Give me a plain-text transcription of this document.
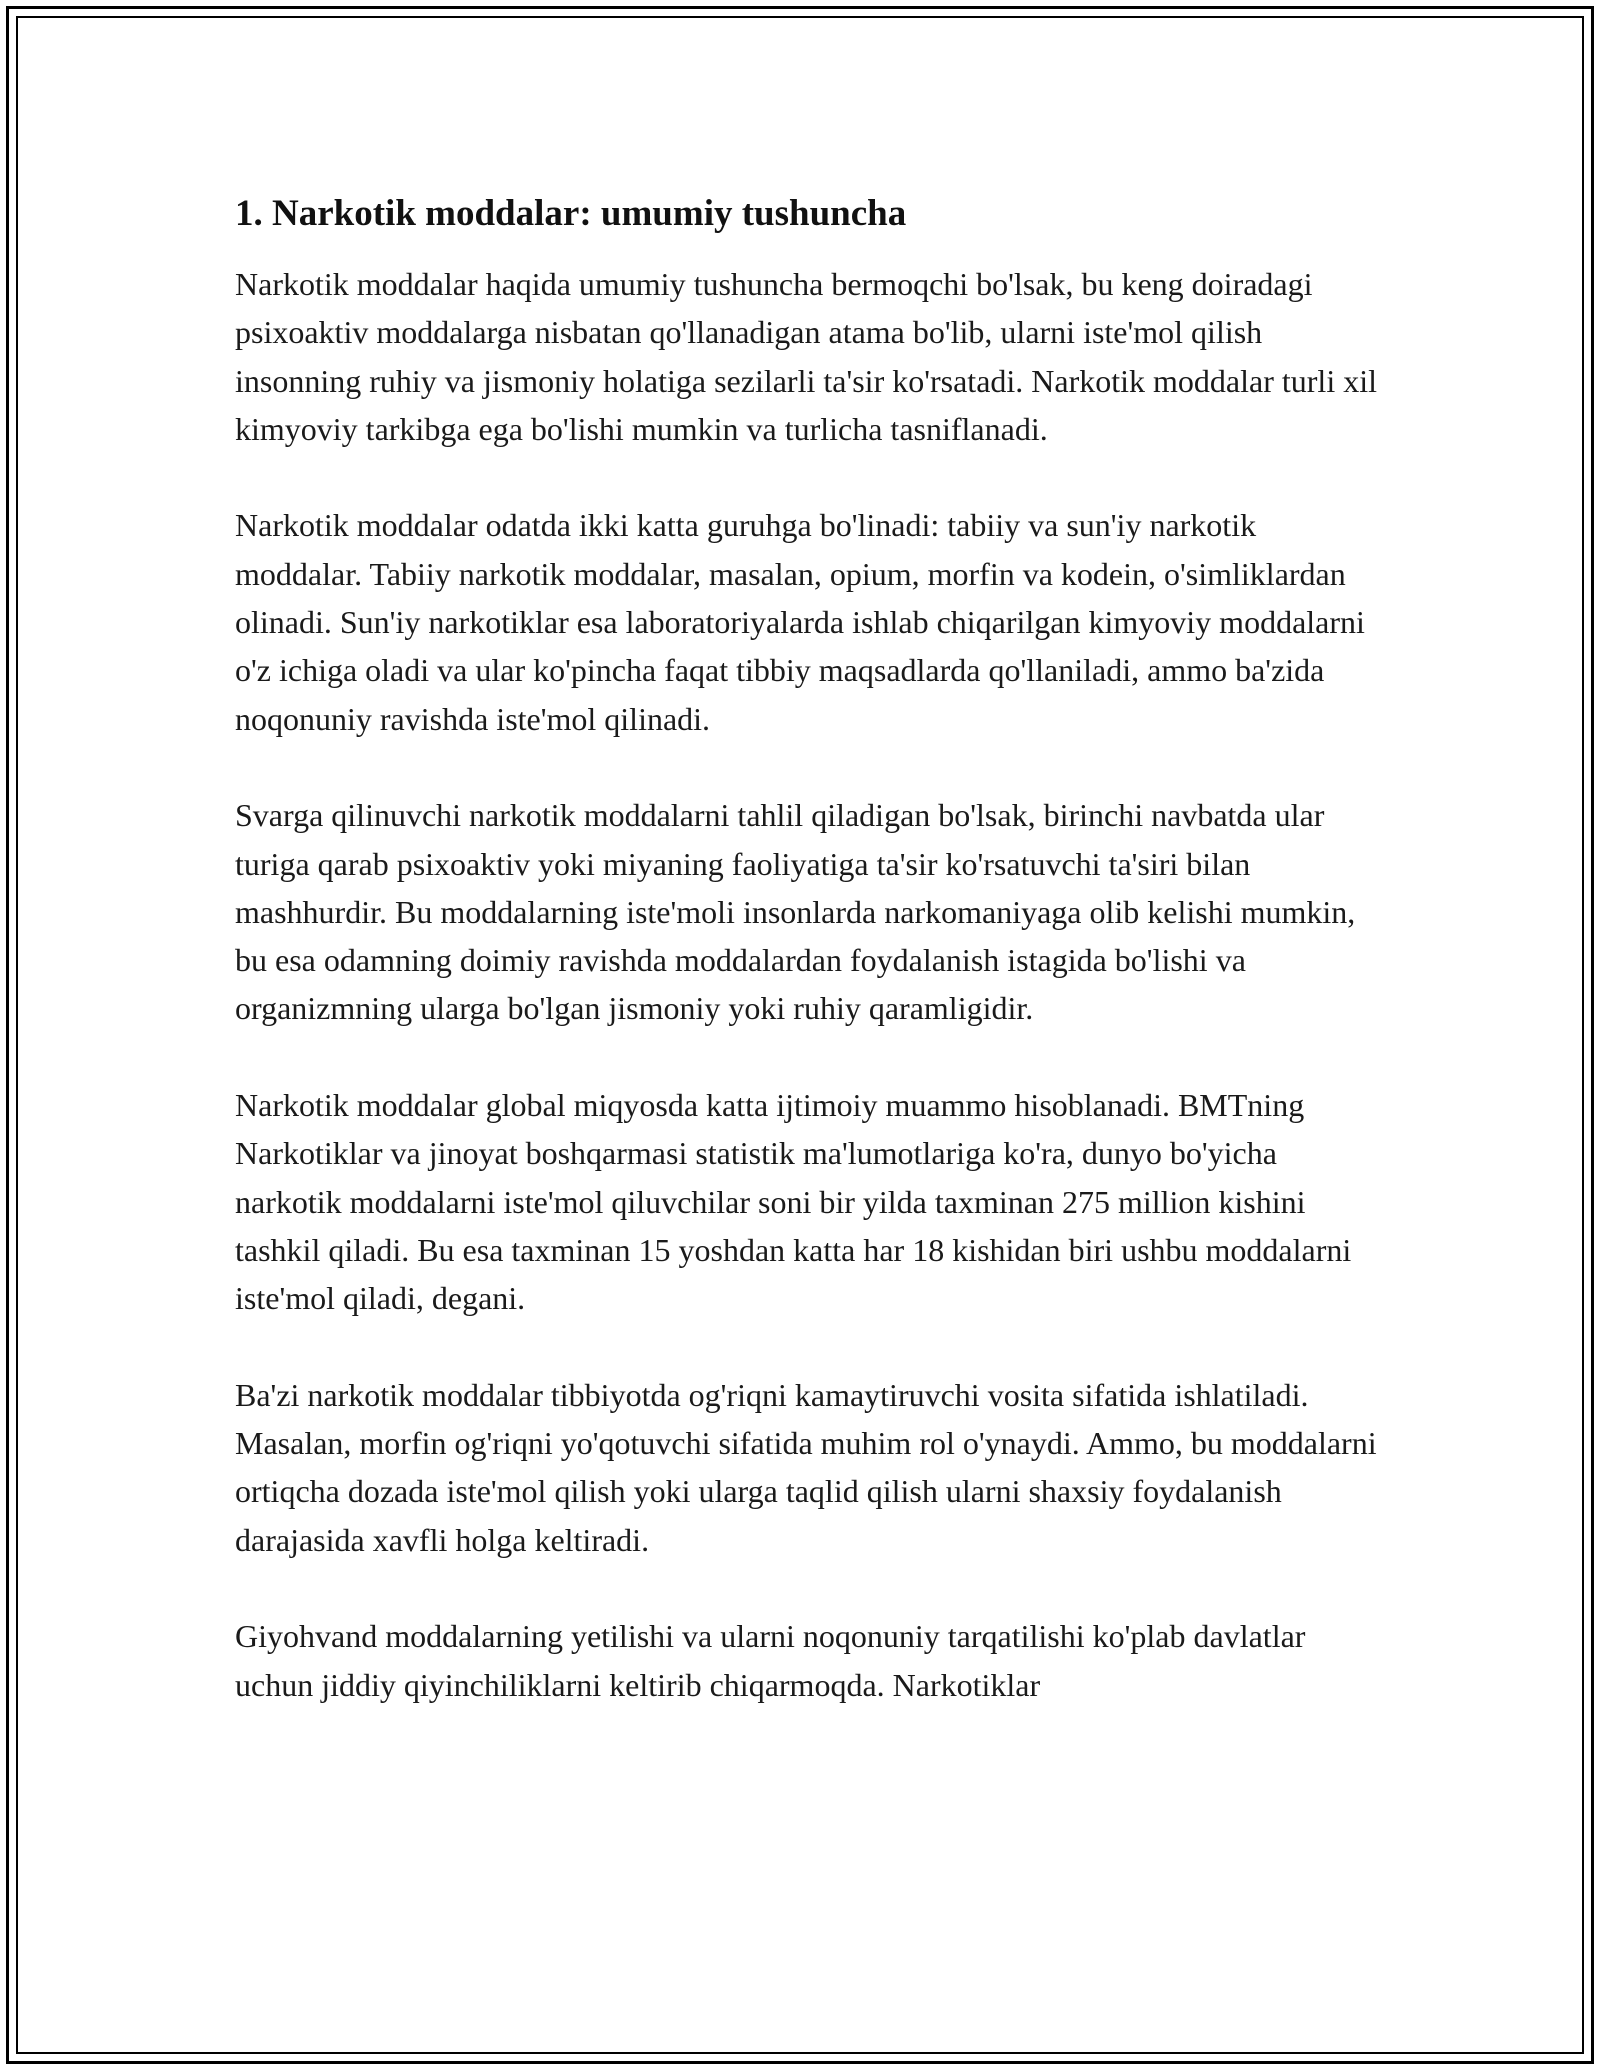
1. Narkotik moddalar: umumiy tushuncha

Narkotik moddalar haqida umumiy tushuncha bermoqchi bo'lsak, bu keng doiradagi psixoaktiv moddalarga nisbatan qo'llanadigan atama bo'lib, ularni iste'mol qilish insonning ruhiy va jismoniy holatiga sezilarli ta'sir ko'rsatadi. Narkotik moddalar turli xil kimyoviy tarkibga ega bo'lishi mumkin va turlicha tasniflanadi.

Narkotik moddalar odatda ikki katta guruhga bo'linadi: tabiiy va sun'iy narkotik moddalar. Tabiiy narkotik moddalar, masalan, opium, morfin va kodein, o'simliklardan olinadi. Sun'iy narkotiklar esa laboratoriyalarda ishlab chiqarilgan kimyoviy moddalarni o'z ichiga oladi va ular ko'pincha faqat tibbiy maqsadlarda qo'llaniladi, ammo ba'zida noqonuniy ravishda iste'mol qilinadi.

Svarga qilinuvchi narkotik moddalarni tahlil qiladigan bo'lsak, birinchi navbatda ular turiga qarab psixoaktiv yoki miyaning faoliyatiga ta'sir ko'rsatuvchi ta'siri bilan mashhurdir. Bu moddalarning iste'moli insonlarda narkomaniyaga olib kelishi mumkin, bu esa odamning doimiy ravishda moddalardan foydalanish istagida bo'lishi va organizmning ularga bo'lgan jismoniy yoki ruhiy qaramligidir.

Narkotik moddalar global miqyosda katta ijtimoiy muammo hisoblanadi. BMTning Narkotiklar va jinoyat boshqarmasi statistik ma'lumotlariga ko'ra, dunyo bo'yicha narkotik moddalarni iste'mol qiluvchilar soni bir yilda taxminan 275 million kishini tashkil qiladi. Bu esa taxminan 15 yoshdan katta har 18 kishidan biri ushbu moddalarni iste'mol qiladi, degani.

Ba'zi narkotik moddalar tibbiyotda og'riqni kamaytiruvchi vosita sifatida ishlatiladi. Masalan, morfin og'riqni yo'qotuvchi sifatida muhim rol o'ynaydi. Ammo, bu moddalarni ortiqcha dozada iste'mol qilish yoki ularga taqlid qilish ularni shaxsiy foydalanish darajasida xavfli holga keltiradi.

Giyohvand moddalarning yetilishi va ularni noqonuniy tarqatilishi ko'plab davlatlar uchun jiddiy qiyinchiliklarni keltirib chiqarmoqda. Narkotiklar
